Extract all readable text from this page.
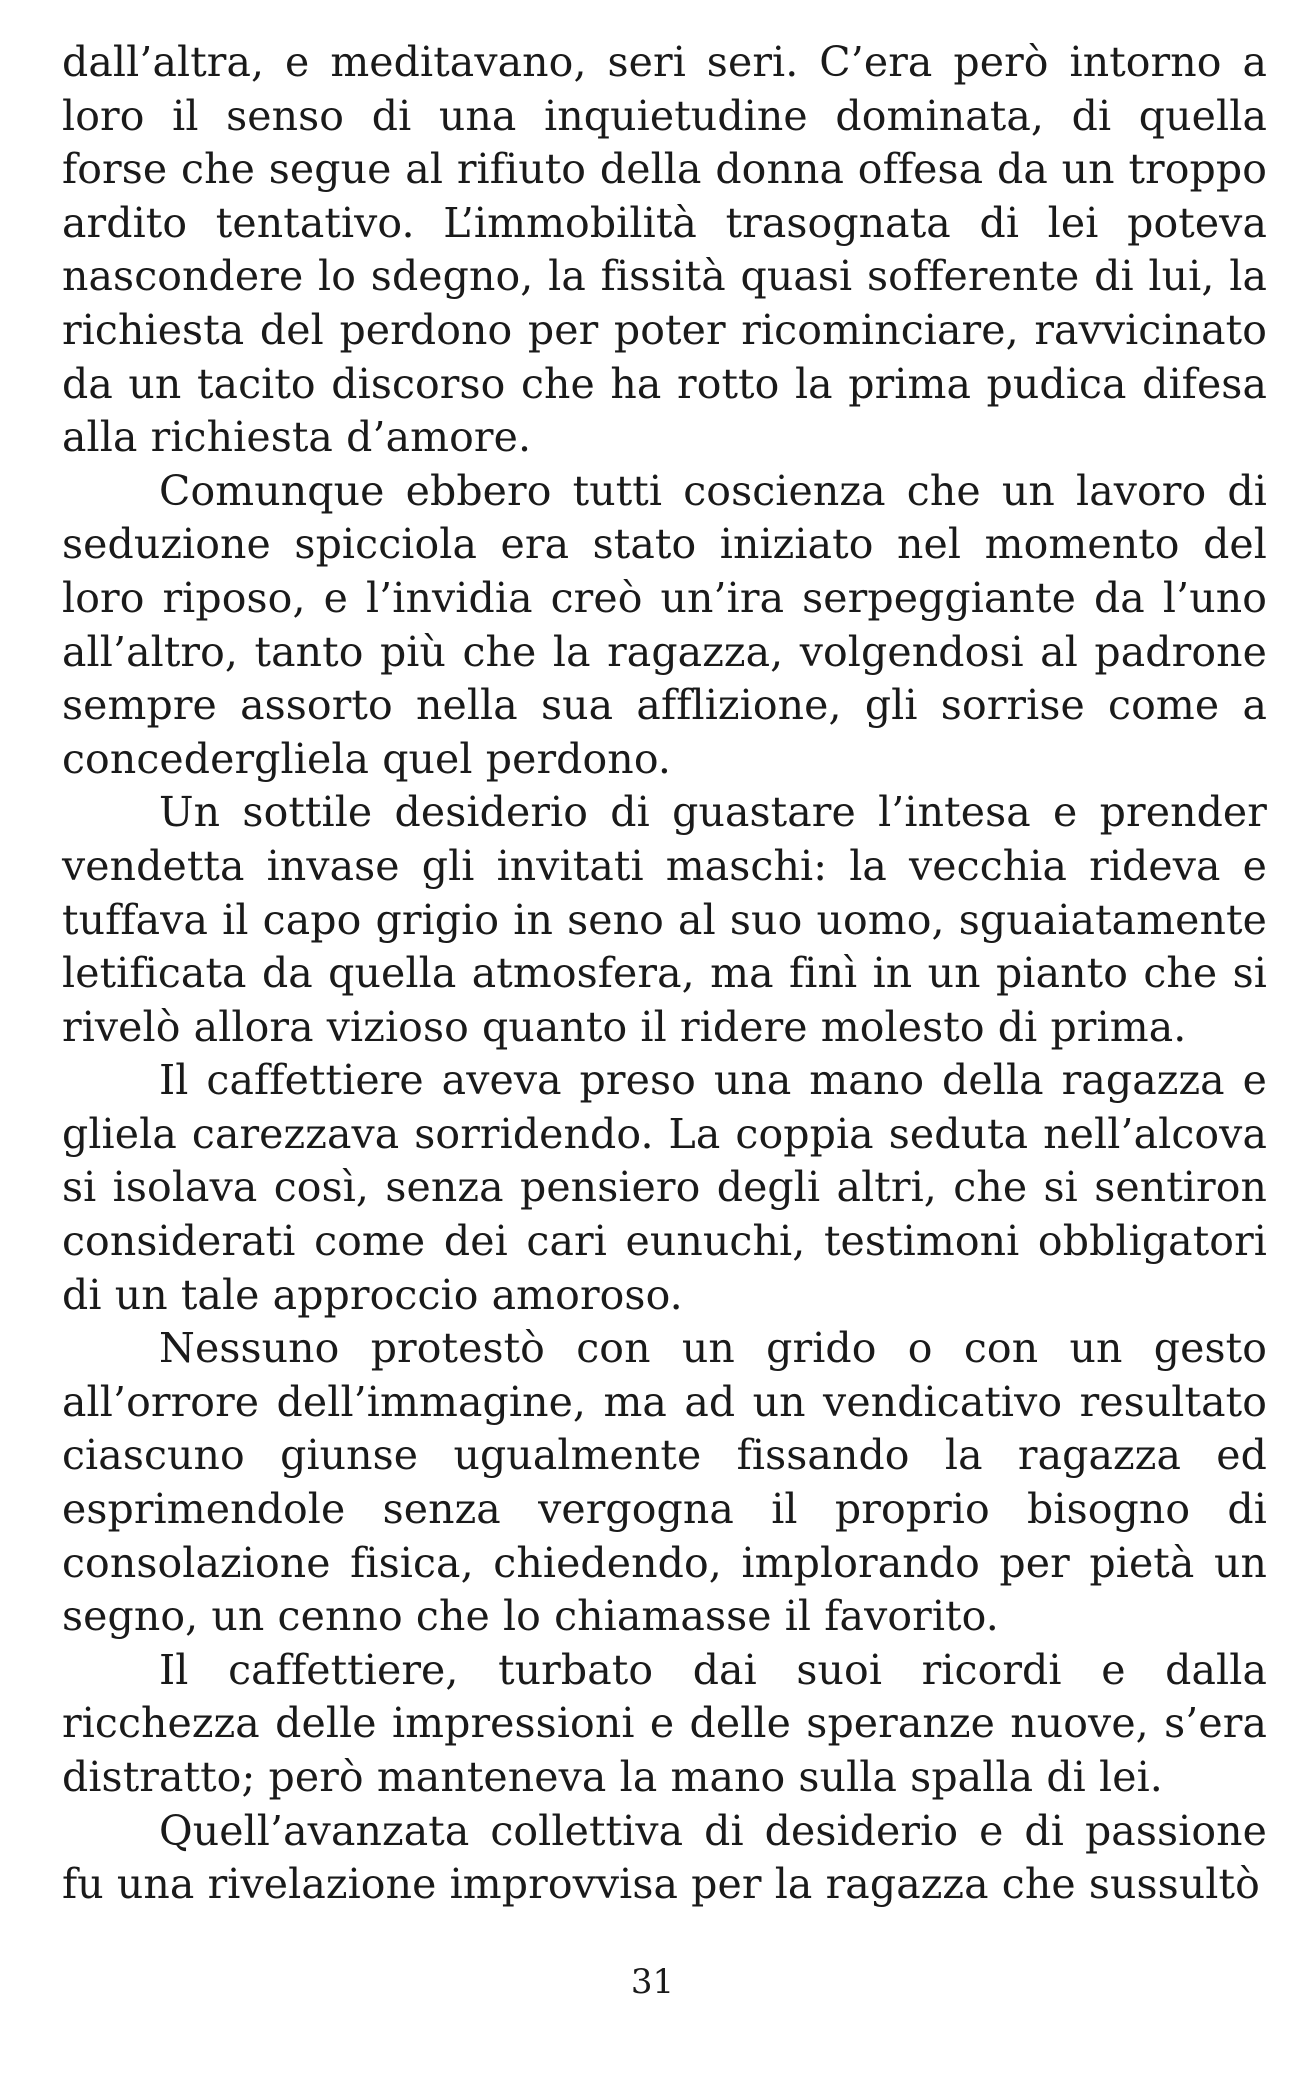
dall’altra, e meditavano, seri seri. C’era però intorno a loro il senso di una inquietudine dominata, di quella forse che segue al rifiuto della donna offesa da un troppo ardito tentativo. L’immobilità trasognata di lei poteva nascondere lo sdegno, la fissità quasi sofferente di lui, la richiesta del perdono per poter ricominciare, ravvicinato da un tacito discorso che ha rotto la prima pudica difesa alla richiesta d’amore.

Comunque ebbero tutti coscienza che un lavoro di seduzione spicciola era stato iniziato nel momento del loro riposo, e l’invidia creò un’ira serpeggiante da l’uno all’altro, tanto più che la ragazza, volgendosi al padrone sempre assorto nella sua afflizione, gli sorrise come a concedergliela quel perdono.

Un sottile desiderio di guastare l’intesa e prender vendetta invase gli invitati maschi: la vecchia rideva e tuffava il capo grigio in seno al suo uomo, sguaiatamente letificata da quella atmosfera, ma finì in un pianto che si rivelò allora vizioso quanto il ridere molesto di prima.

Il caffettiere aveva preso una mano della ragazza e gliela carezzava sorridendo. La coppia seduta nell’alcova si isolava così, senza pensiero degli altri, che si sentiron considerati come dei cari eunuchi, testimoni obbligatori di un tale approccio amoroso.

Nessuno protestò con un grido o con un gesto all’orrore dell’immagine, ma ad un vendicativo resultato ciascuno giunse ugualmente fissando la ragazza ed esprimendole senza vergogna il proprio bisogno di consolazione fisica, chiedendo, implorando per pietà un segno, un cenno che lo chiamasse il favorito.

Il caffettiere, turbato dai suoi ricordi e dalla ricchezza delle impressioni e delle speranze nuove, s’era distratto; però manteneva la mano sulla spalla di lei.

Quell’avanzata collettiva di desiderio e di passione fu una rivelazione improvvisa per la ragazza che sussultò

31
